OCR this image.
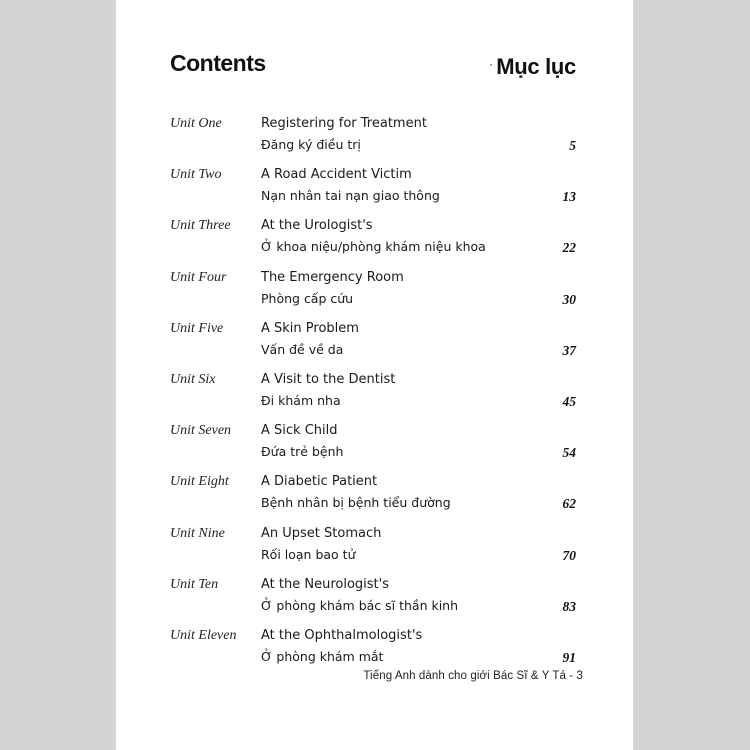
Contents	Mục lục
Unit One	Registering for Treatment
Đăng ký điều trị	5
Unit Two	A Road Accident Victim
Nạn nhân tai nạn giao thông	13
Unit Three At the Urologist's
Ở khoa niệu/phòng khám niệu khoa	22
Unit Four	The Emergency Room
Phòng cấp cứu	30
Unit Five	A Skin Problem
Vấn đề về da	37
Unit Six	A Visit to the Dentist
Đi khám nha	45
Unit Seven A Sick Child
Đứa trẻ bệnh	54
Unit Eight A Diabetic Patient
Bệnh nhân bị bệnh tiểu đường	62
Unit Nine	An Upset Stomach
Rối loạn bao tử	70
Unit Ten	At the Neurologist's
Ở phòng khám bác sĩ thần kinh	83
Unit Eleven At the Ophthalmologist's
Ở phòng khám mắt	91
Tiếng Anh dành cho giới Bác Sĩ & Y Tá - 3
